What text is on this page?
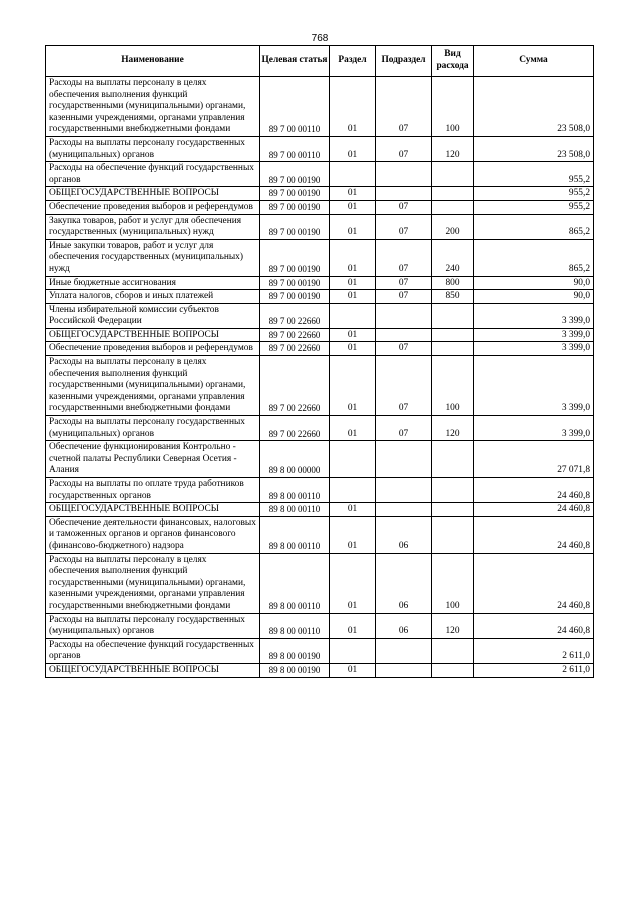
768
Наименование	Целевая статья	Раздел	Подраздел	Вид расхода	Сумма
Расходы на выплаты персоналу в целях обеспечения выполнения функций государственными (муниципальными) органами, казенными учреждениями, органами управления государственными внебюджетными фондами	89 7 00 00110	01	07	100	23 508,0
Расходы на выплаты персоналу государственных (муниципальных) органов	89 7 00 00110	01	07	120	23 508,0
Расходы на обеспечение функций государственных органов	89 7 00 00190				955,2
ОБЩЕГОСУДАРСТВЕННЫЕ ВОПРОСЫ	89 7 00 00190	01			955,2
Обеспечение проведения выборов и референдумов	89 7 00 00190	01	07		955,2
Закупка товаров, работ и услуг для обеспечения государственных (муниципальных) нужд	89 7 00 00190	01	07	200	865,2
Иные закупки товаров, работ и услуг для обеспечения государственных (муниципальных) нужд	89 7 00 00190	01	07	240	865,2
Иные бюджетные ассигнования	89 7 00 00190	01	07	800	90,0
Уплата налогов, сборов и иных платежей	89 7 00 00190	01	07	850	90,0
Члены избирательной комиссии субъектов Российской Федерации	89 7 00 22660				3 399,0
ОБЩЕГОСУДАРСТВЕННЫЕ ВОПРОСЫ	89 7 00 22660	01			3 399,0
Обеспечение проведения выборов и референдумов	89 7 00 22660	01	07		3 399,0
Расходы на выплаты персоналу в целях обеспечения выполнения функций государственными (муниципальными) органами, казенными учреждениями, органами управления государственными внебюджетными фондами	89 7 00 22660	01	07	100	3 399,0
Расходы на выплаты персоналу государственных (муниципальных) органов	89 7 00 22660	01	07	120	3 399,0
Обеспечение функционирования Контрольно - счетной палаты Республики Северная Осетия - Алания	89 8 00 00000				27 071,8
Расходы на выплаты по оплате труда работников государственных органов	89 8 00 00110				24 460,8
ОБЩЕГОСУДАРСТВЕННЫЕ ВОПРОСЫ	89 8 00 00110	01			24 460,8
Обеспечение деятельности финансовых, налоговых и таможенных органов и органов финансового (финансово-бюджетного) надзора	89 8 00 00110	01	06		24 460,8
Расходы на выплаты персоналу в целях обеспечения выполнения функций государственными (муниципальными) органами, казенными учреждениями, органами управления государственными внебюджетными фондами	89 8 00 00110	01	06	100	24 460,8
Расходы на выплаты персоналу государственных (муниципальных) органов	89 8 00 00110	01	06	120	24 460,8
Расходы на обеспечение функций государственных органов	89 8 00 00190				2 611,0
ОБЩЕГОСУДАРСТВЕННЫЕ ВОПРОСЫ	89 8 00 00190	01			2 611,0
